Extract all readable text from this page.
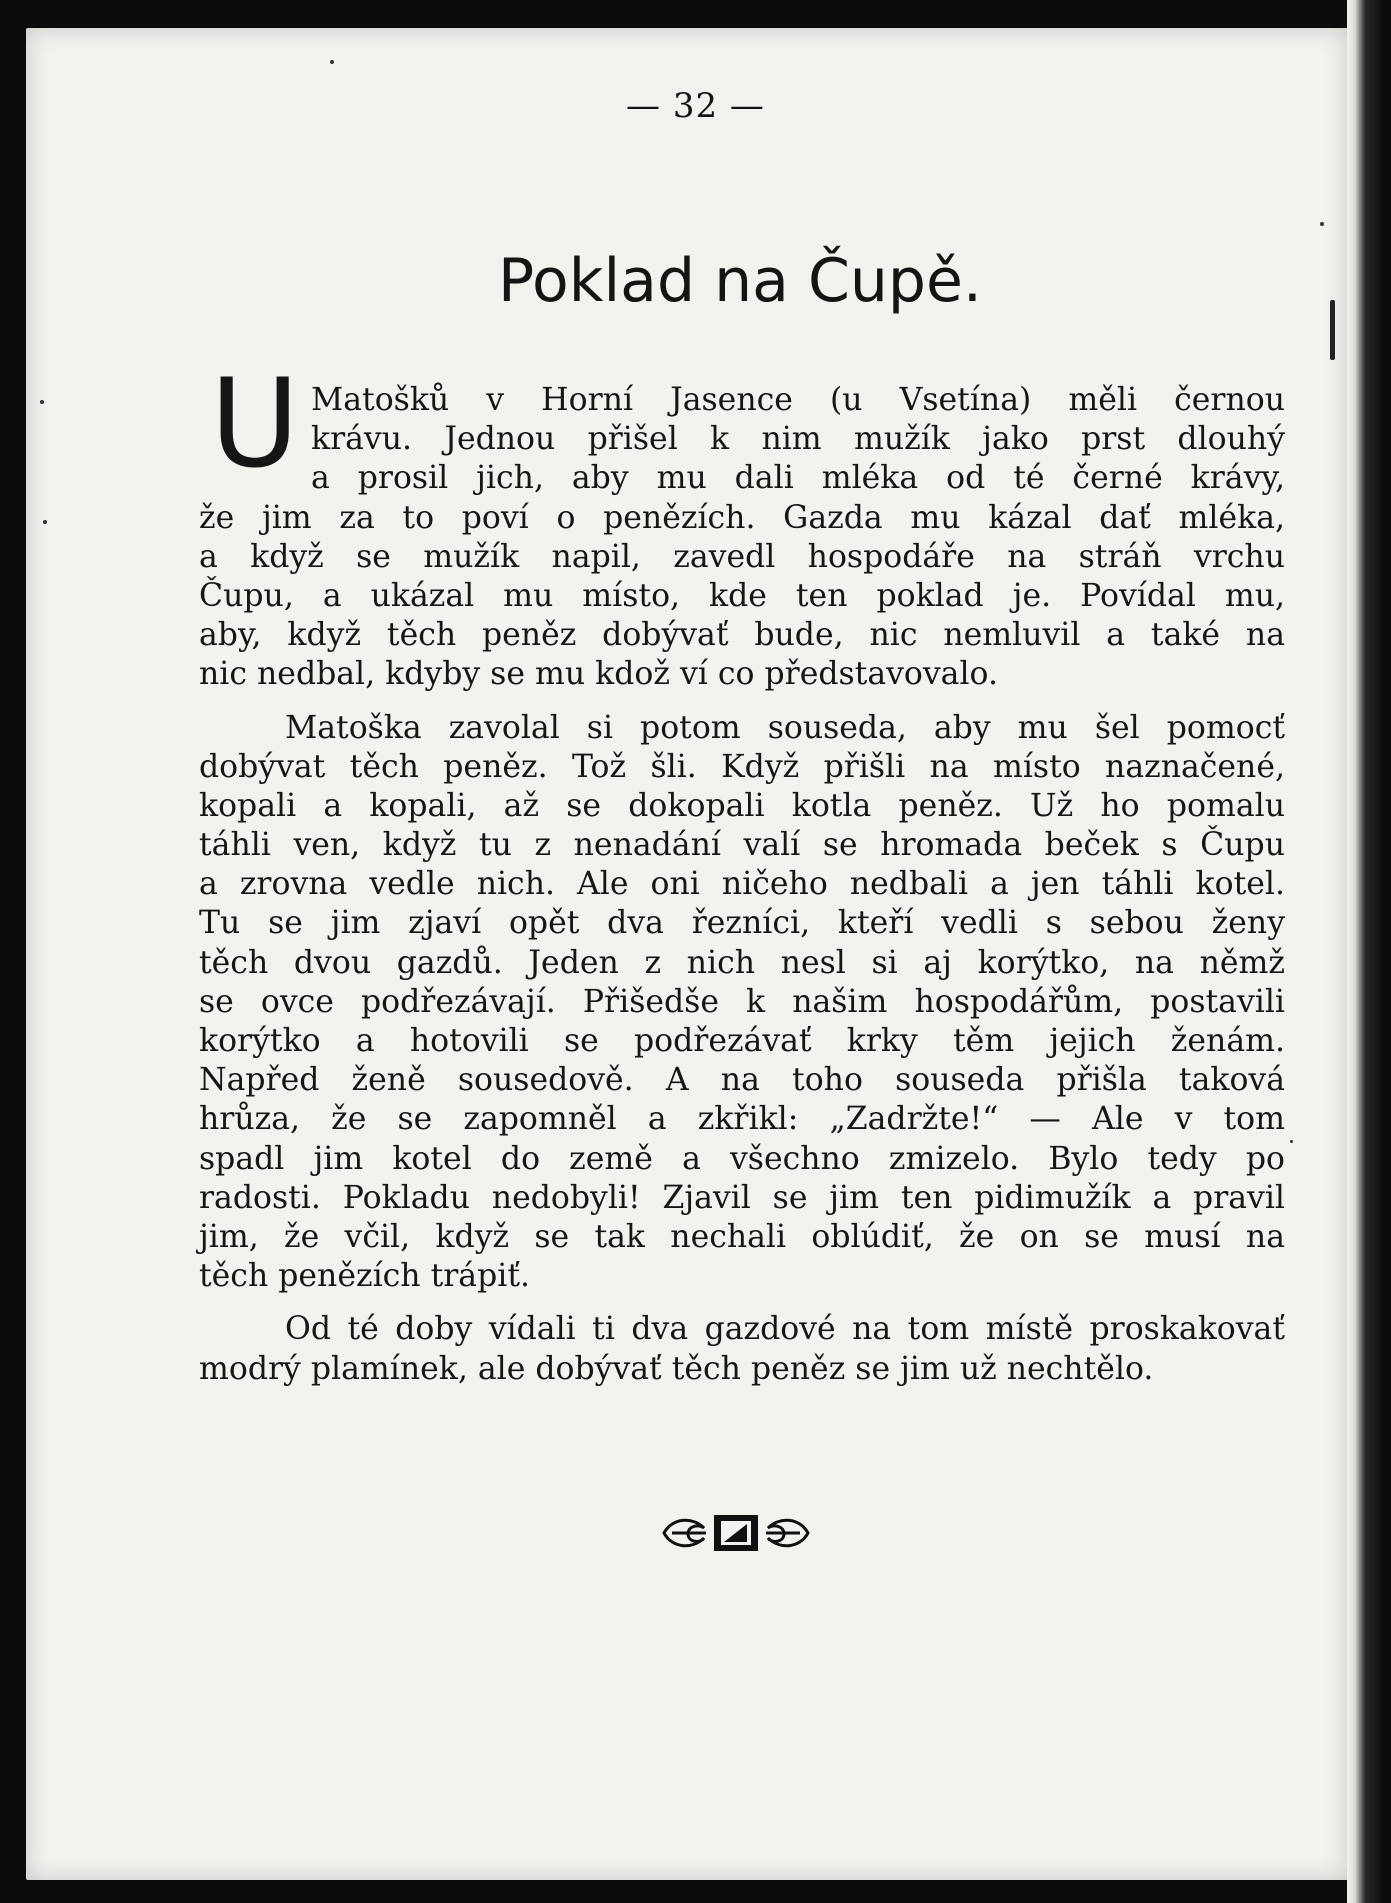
— 32 —
Poklad na Čupě.
U Matošků v Horní Jasence (u Vsetína) měli černou
krávu. Jednou přišel k nim mužík jako prst dlouhý
a prosil jich, aby mu dali mléka od té černé krávy,
že jim za to poví o penězích. Gazda mu kázal dať mléka,
a když se mužík napil, zavedl hospodáře na stráň vrchu
Čupu, a ukázal mu místo, kde ten poklad je. Povídal mu,
aby, když těch peněz dobývať bude, nic nemluvil a také na
nic nedbal, kdyby se mu kdož ví co představovalo.
Matoška zavolal si potom souseda, aby mu šel pomocť
dobývat těch peněz. Tož šli. Když přišli na místo naznačené,
kopali a kopali, až se dokopali kotla peněz. Už ho pomalu
táhli ven, když tu z nenadání valí se hromada beček s Čupu
a zrovna vedle nich. Ale oni ničeho nedbali a jen táhli kotel.
Tu se jim zjaví opět dva řezníci, kteří vedli s sebou ženy
těch dvou gazdů. Jeden z nich nesl si aj korýtko, na němž
se ovce podřezávají. Přišedše k našim hospodářům, postavili
korýtko a hotovili se podřezávať krky těm jejich ženám.
Napřed ženě sousedově. A na toho souseda přišla taková
hrůza, že se zapomněl a zkřikl: „Zadržte!“ — Ale v tom
spadl jim kotel do země a všechno zmizelo. Bylo tedy po
radosti. Pokladu nedobyli! Zjavil se jim ten pidimužík a pravil
jim, že včil, když se tak nechali oblúdiť, že on se musí na
těch penězích trápiť.
Od té doby vídali ti dva gazdové na tom místě proskakovať
modrý plamínek, ale dobývať těch peněz se jim už nechtělo.
